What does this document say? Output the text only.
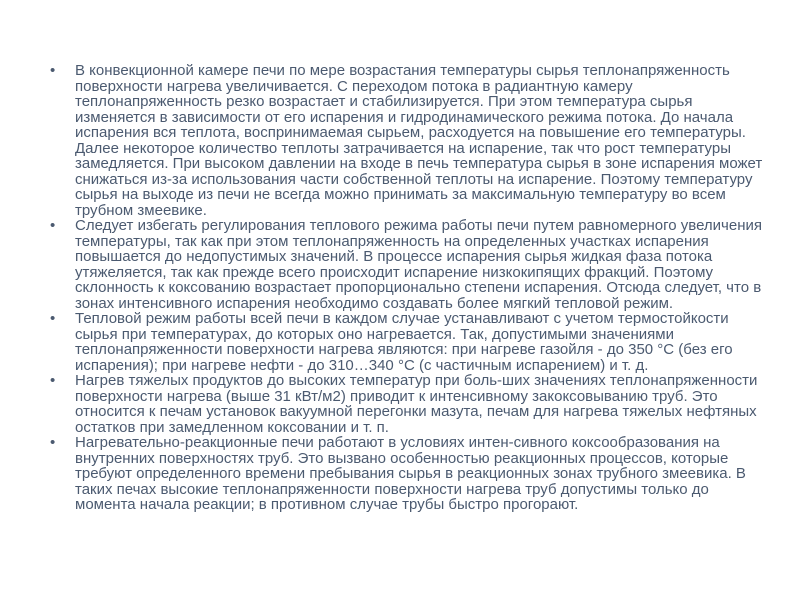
•	В конвекционной камере печи по мере возрастания температуры сырья теплонапряженность поверхности нагрева увеличивается. С переходом потока в радиантную камеру теплонапряженность резко возрастает и стабилизируется. При этом температура сырья изменяется в зависимости от его испарения и гидродинамического режима потока. До начала испарения вся теплота, воспринимаемая сырьем, расходуется на повышение его температуры. Далее некоторое количество теплоты затрачивается на испарение, так что рост температуры замедляется. При высоком давлении на входе в печь температура сырья в зоне испарения может снижаться из-за использования части собственной теплоты на испарение. Поэтому температуру сырья на выходе из печи не всегда можно принимать за максимальную температуру во всем трубном змеевике.
•	Следует избегать регулирования теплового режима работы печи путем равномерного увеличения температуры, так как при этом теплонапряженность на определенных участках испарения повышается до недопустимых значений. В процессе испарения сырья жидкая фаза потока утяжеляется, так как прежде всего происходит испарение низкокипящих фракций. Поэтому склонность к коксованию возрастает пропорционально степени испарения. Отсюда следует, что в зонах интенсивного испарения необходимо создавать более мягкий тепловой режим.
•	Тепловой режим работы всей печи в каждом случае устанавливают с учетом термостойкости сырья при температурах, до которых оно нагревается. Так, допустимыми значениями теплонапряженности поверхности нагрева являются: при нагреве газойля - до 350 °C (без его испарения); при нагреве нефти - до 310…340 °C (с частичным испарением) и т. д.
•	Нагрев тяжелых продуктов до высоких температур при боль-ших значениях теплонапряженности поверхности нагрева (выше 31 кВт/м2) приводит к интенсивному закоксовыванию труб. Это относится к печам установок вакуумной перегонки мазута, печам для нагрева тяжелых нефтяных остатков при замедленном коксовании и т. п.
•	Нагревательно-реакционные печи работают в условиях интен-сивного коксообразования на внутренних поверхностях труб. Это вызвано особенностью реакционных процессов, которые требуют определенного времени пребывания сырья в реакционных зонах трубного змеевика. В таких печах высокие теплонапряженности поверхности нагрева труб допустимы только до момента начала реакции; в противном случае трубы быстро прогорают.
